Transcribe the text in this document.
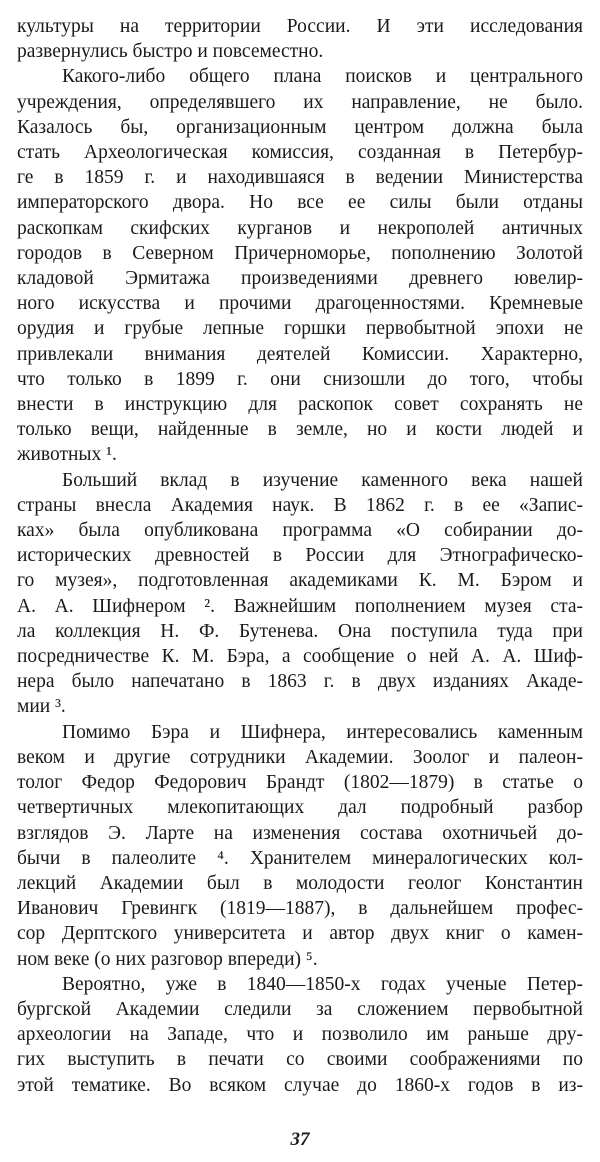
культуры на территории России. И эти исследования
развернулись быстро и повсеместно.
Какого-либо общего плана поисков и центрального
учреждения, определявшего их направление, не было.
Казалось бы, организационным центром должна была
стать Археологическая комиссия, созданная в Петербур-
ге в 1859 г. и находившаяся в ведении Министерства
императорского двора. Но все ее силы были отданы
раскопкам скифских курганов и некрополей античных
городов в Северном Причерноморье, пополнению Золотой
кладовой Эрмитажа произведениями древнего ювелир-
ного искусства и прочими драгоценностями. Кремневые
орудия и грубые лепные горшки первобытной эпохи не
привлекали внимания деятелей Комиссии. Характерно,
что только в 1899 г. они снизошли до того, чтобы
внести в инструкцию для раскопок совет сохранять не
только вещи, найденные в земле, но и кости людей и
животных ¹.
Больший вклад в изучение каменного века нашей
страны внесла Академия наук. В 1862 г. в ее «Запис-
ках» была опубликована программа «О собирании до-
исторических древностей в России для Этнографическо-
го музея», подготовленная академиками К. М. Бэром и
А. А. Шифнером ². Важнейшим пополнением музея ста-
ла коллекция Н. Ф. Бутенева. Она поступила туда при
посредничестве К. М. Бэра, а сообщение о ней А. А. Шиф-
нера было напечатано в 1863 г. в двух изданиях Акаде-
мии ³.
Помимо Бэра и Шифнера, интересовались каменным
веком и другие сотрудники Академии. Зоолог и палеон-
толог Федор Федорович Брандт (1802—1879) в статье о
четвертичных млекопитающих дал подробный разбор
взглядов Э. Ларте на изменения состава охотничьей до-
бычи в палеолите ⁴. Хранителем минералогических кол-
лекций Академии был в молодости геолог Константин
Иванович Гревингк (1819—1887), в дальнейшем профес-
сор Дерптского университета и автор двух книг о камен-
ном веке (о них разговор впереди) ⁵.
Вероятно, уже в 1840—1850-х годах ученые Петер-
бургской Академии следили за сложением первобытной
археологии на Западе, что и позволило им раньше дру-
гих выступить в печати со своими соображениями по
этой тематике. Во всяком случае до 1860-х годов в из-
37
